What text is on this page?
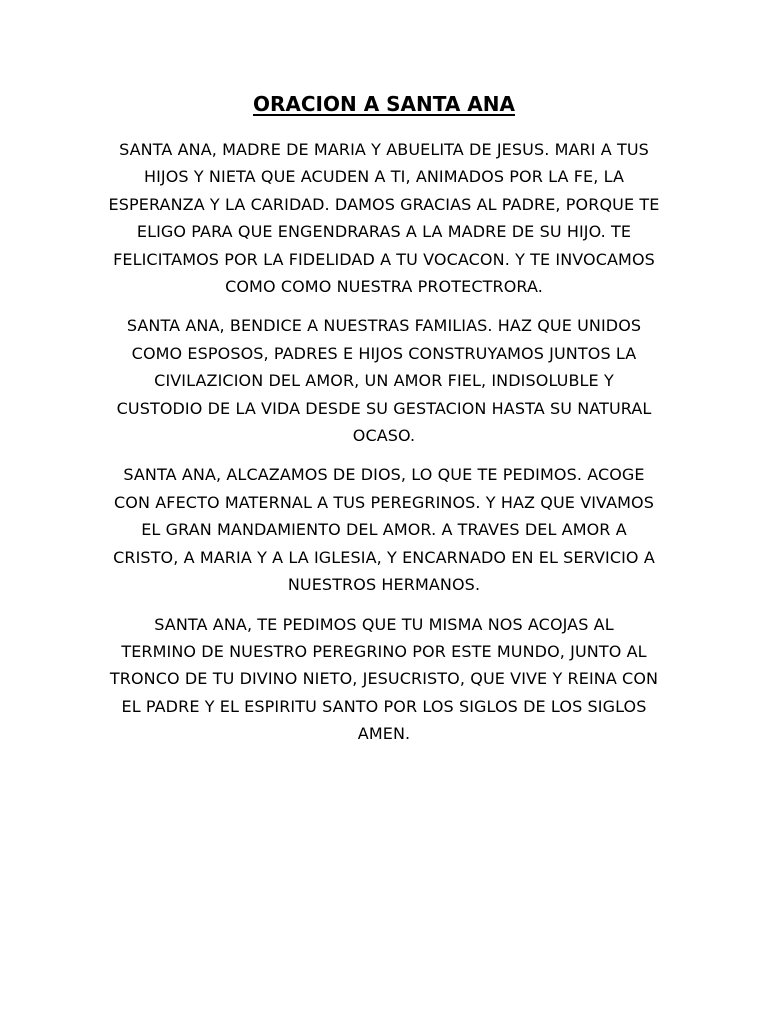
ORACION A SANTA ANA

SANTA ANA, MADRE DE MARIA Y ABUELITA DE JESUS. MARI A TUS
HIJOS Y NIETA QUE ACUDEN A TI, ANIMADOS POR LA FE, LA
ESPERANZA Y LA CARIDAD. DAMOS GRACIAS AL PADRE, PORQUE TE
ELIGO PARA QUE ENGENDRARAS A LA MADRE DE SU HIJO. TE
FELICITAMOS POR LA FIDELIDAD A TU VOCACON. Y TE INVOCAMOS
COMO COMO NUESTRA PROTECTRORA.

SANTA ANA, BENDICE A NUESTRAS FAMILIAS. HAZ QUE UNIDOS
COMO ESPOSOS, PADRES E HIJOS CONSTRUYAMOS JUNTOS LA
CIVILAZICION DEL AMOR, UN AMOR FIEL, INDISOLUBLE Y
CUSTODIO DE LA VIDA DESDE SU GESTACION HASTA SU NATURAL
OCASO.

SANTA ANA, ALCAZAMOS DE DIOS, LO QUE TE PEDIMOS. ACOGE
CON AFECTO MATERNAL A TUS PEREGRINOS. Y HAZ QUE VIVAMOS
EL GRAN MANDAMIENTO DEL AMOR. A TRAVES DEL AMOR A
CRISTO, A MARIA Y A LA IGLESIA, Y ENCARNADO EN EL SERVICIO A
NUESTROS HERMANOS.

SANTA ANA, TE PEDIMOS QUE TU MISMA NOS ACOJAS AL
TERMINO DE NUESTRO PEREGRINO POR ESTE MUNDO, JUNTO AL
TRONCO DE TU DIVINO NIETO, JESUCRISTO, QUE VIVE Y REINA CON
EL PADRE Y EL ESPIRITU SANTO POR LOS SIGLOS DE LOS SIGLOS
AMEN.
